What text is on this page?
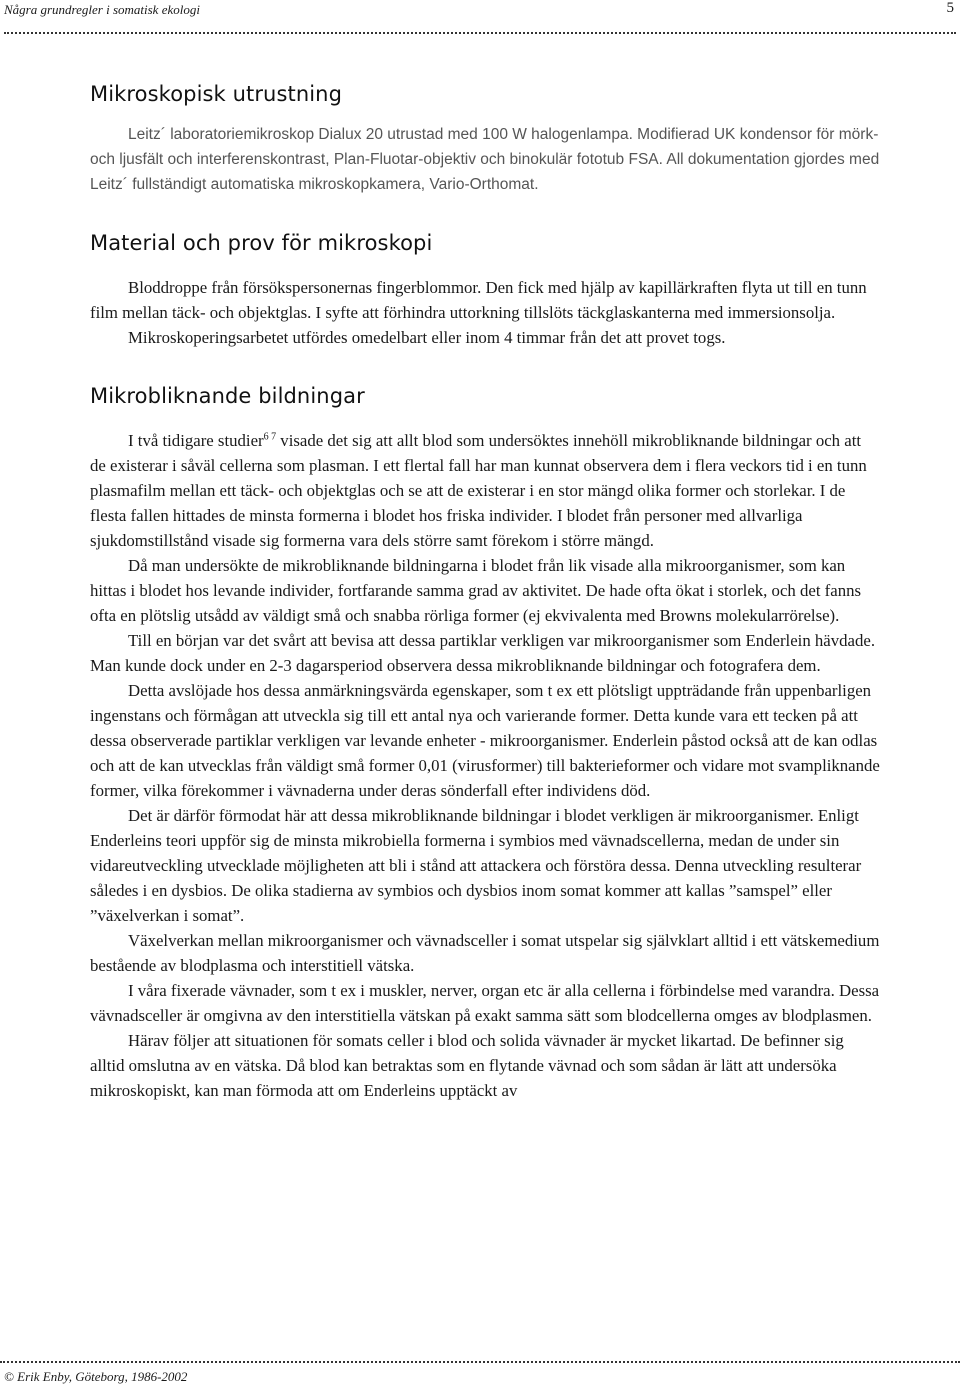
Några grundregler i somatisk ekologi	5
Mikroskopisk utrustning

Leitz´ laboratoriemikroskop Dialux 20 utrustad med 100 W halogenlampa. Modifierad UK kondensor för mörk- och ljusfält och interferenskontrast, Plan-Fluotar-objektiv och binokulär fototub FSA. All dokumentation gjordes med Leitz´ fullständigt automatiska mikroskopkamera, Vario-Orthomat.

Material och prov för mikroskopi

Bloddroppe från försökspersonernas fingerblommor. Den fick med hjälp av kapillärkraften flyta ut till en tunn film mellan täck- och objektglas. I syfte att förhindra uttorkning tillslöts täckglaskanterna med immersionsolja.

Mikroskoperingsarbetet utfördes omedelbart eller inom 4 timmar från det att provet togs.

Mikrobliknande bildningar

I två tidigare studier$^{6 7}$ visade det sig att allt blod som undersöktes innehöll mikrobliknande bildningar och att de existerar i såväl cellerna som plasman. I ett flertal fall har man kunnat observera dem i flera veckors tid i en tunn plasmafilm mellan ett täck- och objektglas och se att de existerar i en stor mängd olika former och storlekar. I de flesta fallen hittades de minsta formerna i blodet hos friska individer. I blodet från personer med allvarliga sjukdomstillstånd visade sig formerna vara dels större samt förekom i större mängd.

Då man undersökte de mikrobliknande bildningarna i blodet från lik visade alla mikroorganismer, som kan hittas i blodet hos levande individer, fortfarande samma grad av aktivitet. De hade ofta ökat i storlek, och det fanns ofta en plötslig utsådd av väldigt små och snabba rörliga former (ej ekvivalenta med Browns molekularrörelse).

Till en början var det svårt att bevisa att dessa partiklar verkligen var mikroorganismer som Enderlein hävdade. Man kunde dock under en 2-3 dagarsperiod observera dessa mikrobliknande bildningar och fotografera dem.

Detta avslöjade hos dessa anmärkningsvärda egenskaper, som t ex ett plötsligt uppträdande från uppenbarligen ingenstans och förmågan att utveckla sig till ett antal nya och varierande former. Detta kunde vara ett tecken på att dessa observerade partiklar verkligen var levande enheter - mikroorganismer. Enderlein påstod också att de kan odlas och att de kan utvecklas från väldigt små former 0,01 (virusformer) till bakterieformer och vidare mot svampliknande former, vilka förekommer i vävnaderna under deras sönderfall efter individens död.

Det är därför förmodat här att dessa mikrobliknande bildningar i blodet verkligen är mikroorganismer. Enligt Enderleins teori uppför sig de minsta mikrobiella formerna i symbios med vävnadscellerna, medan de under sin vidareutveckling utvecklade möjligheten att bli i stånd att attackera och förstöra dessa. Denna utveckling resulterar således i en dysbios. De olika stadierna av symbios och dysbios inom somat kommer att kallas ”samspel” eller ”växelverkan i somat”.

Växelverkan mellan mikroorganismer och vävnadsceller i somat utspelar sig självklart alltid i ett vätskemedium bestående av blodplasma och interstitiell vätska.

I våra fixerade vävnader, som t ex i muskler, nerver, organ etc är alla cellerna i förbindelse med varandra. Dessa vävnadsceller är omgivna av den interstitiella vätskan på exakt samma sätt som blodcellerna omges av blodplasmen.

Härav följer att situationen för somats celler i blod och solida vävnader är mycket likartad. De befinner sig alltid omslutna av en vätska. Då blod kan betraktas som en flytande vävnad och som sådan är lätt att undersöka mikroskopiskt, kan man förmoda att om Enderleins upptäckt av

© Erik Enby, Göteborg, 1986-2002
